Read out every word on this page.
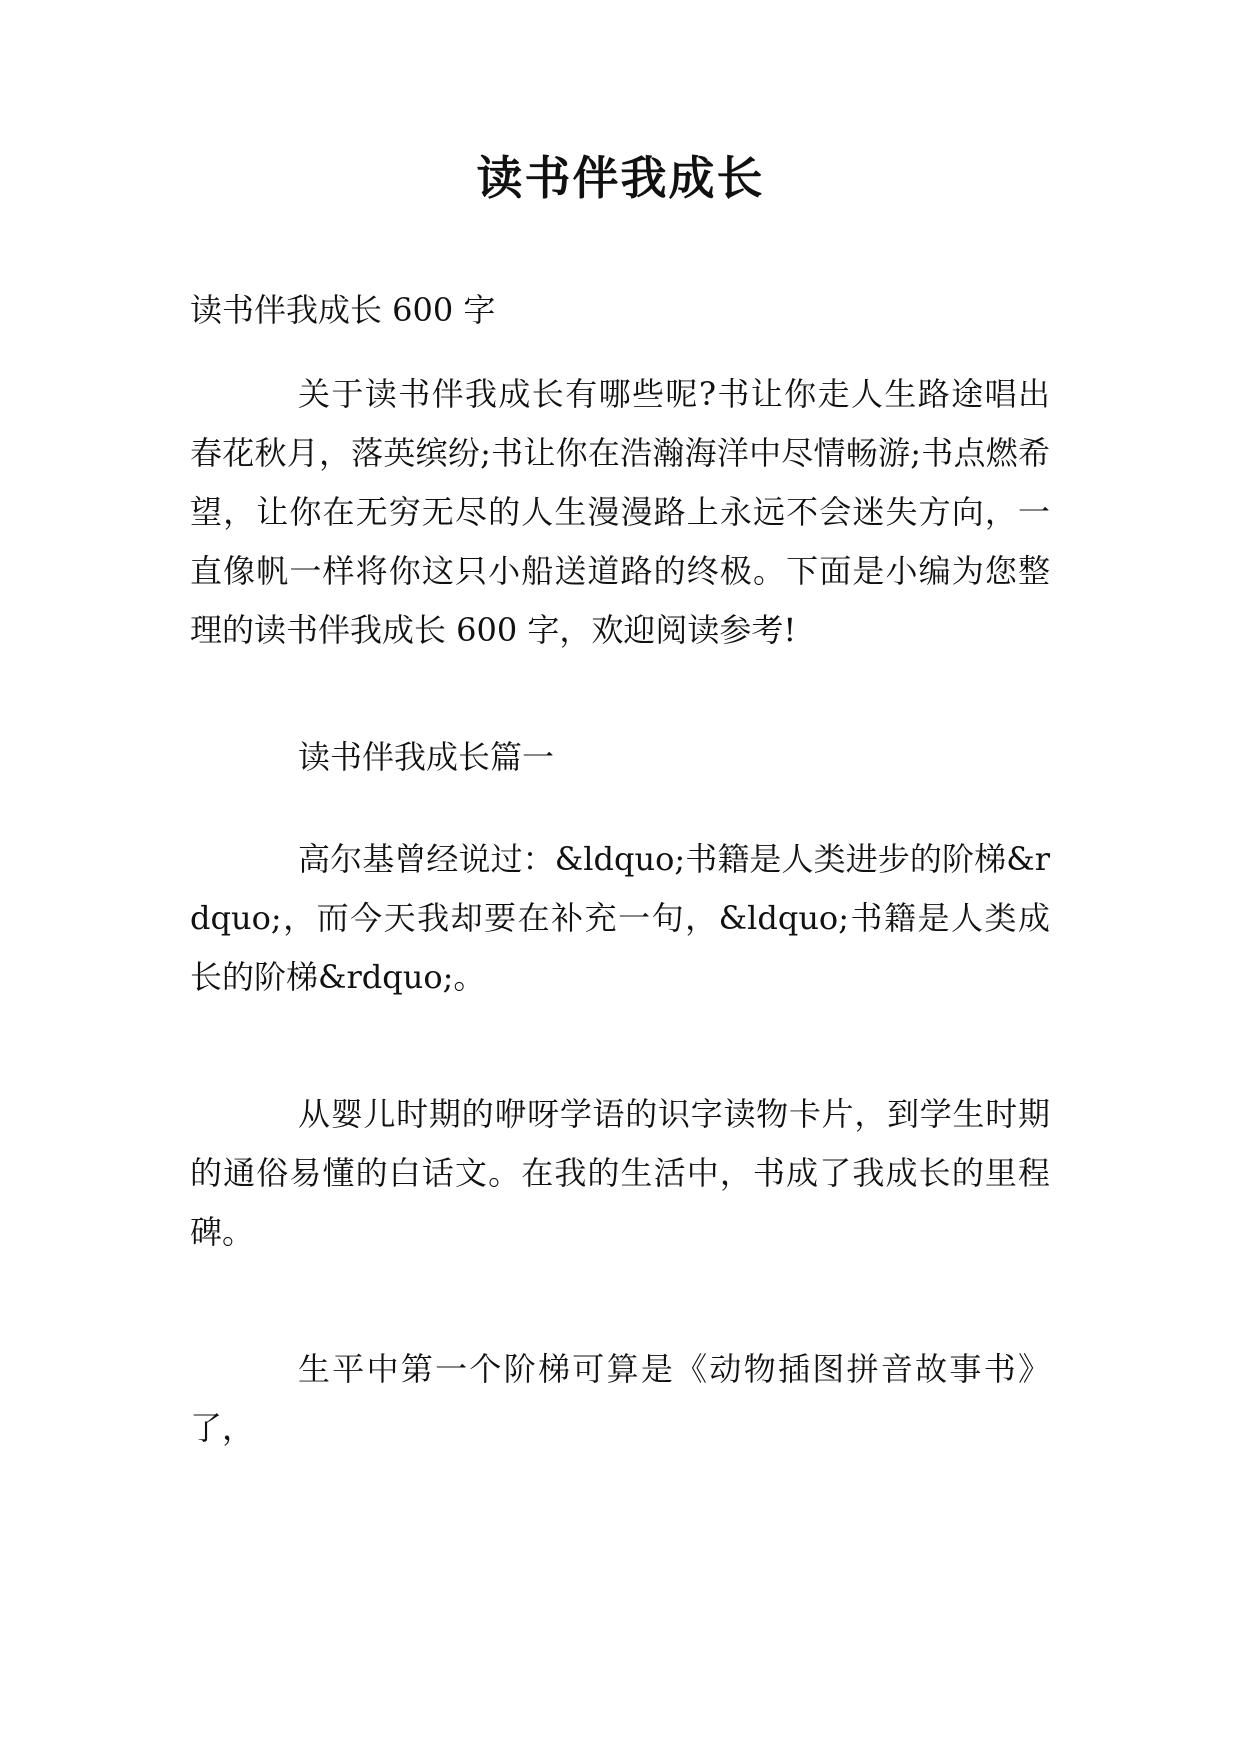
读书伴我成长
读书伴我成长 600 字

关于读书伴我成长有哪些呢?书让你走人生路途唱出春花秋月，落英缤纷;书让你在浩瀚海洋中尽情畅游;书点燃希望，让你在无穷无尽的人生漫漫路上永远不会迷失方向，一直像帆一样将你这只小船送道路的终极。下面是小编为您整理的读书伴我成长 600 字，欢迎阅读参考!

读书伴我成长篇一

高尔基曾经说过：&ldquo;书籍是人类进步的阶梯&rdquo;，而今天我却要在补充一句，&ldquo;书籍是人类成长的阶梯&rdquo;。

从婴儿时期的咿呀学语的识字读物卡片，到学生时期的通俗易懂的白话文。在我的生活中，书成了我成长的里程碑。

生平中第一个阶梯可算是《动物插图拼音故事书》了，
